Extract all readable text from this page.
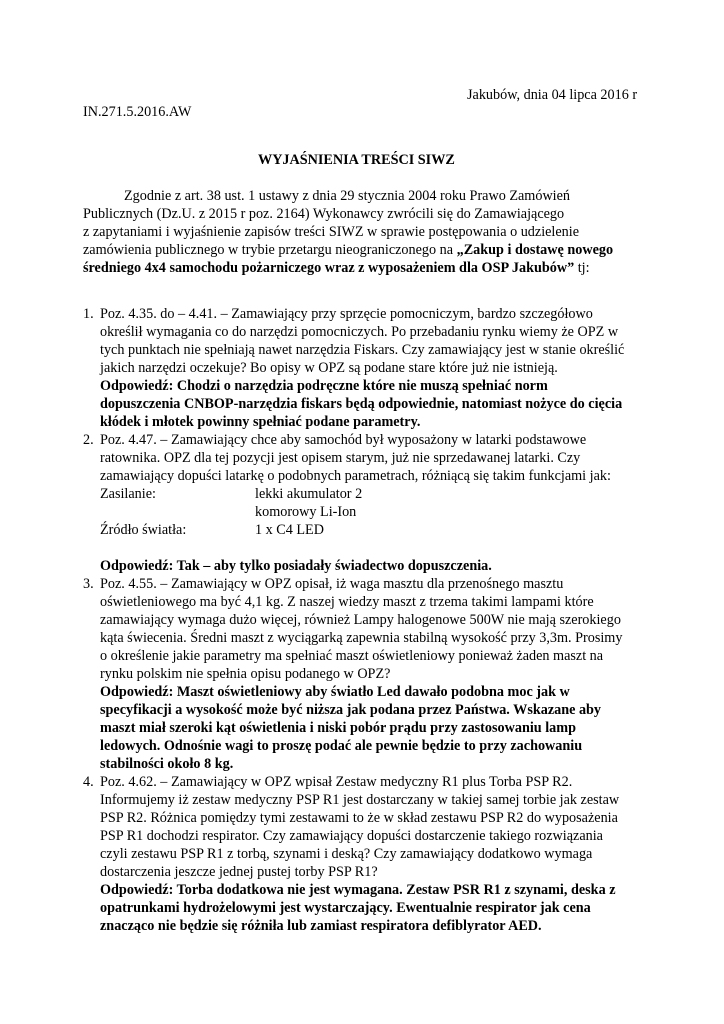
Jakubów, dnia 04 lipca 2016 r
IN.271.5.2016.AW
WYJAŚNIENIA TREŚCI SIWZ
Zgodnie z art. 38 ust. 1 ustawy z dnia 29 stycznia 2004 roku Prawo Zamówień
Publicznych (Dz.U. z 2015 r poz. 2164) Wykonawcy zwrócili się do Zamawiającego
z zapytaniami i wyjaśnienie zapisów treści SIWZ w sprawie postępowania o udzielenie
zamówienia publicznego w trybie przetargu nieograniczonego na „Zakup i dostawę nowego
średniego 4x4 samochodu pożarniczego wraz z wyposażeniem dla OSP Jakubów” tj:
1. Poz. 4.35. do – 4.41. – Zamawiający przy sprzęcie pomocniczym, bardzo szczegółowo
określił wymagania co do narzędzi pomocniczych. Po przebadaniu rynku wiemy że OPZ w
tych punktach nie spełniają nawet narzędzia Fiskars. Czy zamawiający jest w stanie określić
jakich narzędzi oczekuje? Bo opisy w OPZ są podane stare które już nie istnieją.
Odpowiedź: Chodzi o narzędzia podręczne które nie muszą spełniać norm
dopuszczenia CNBOP-narzędzia fiskars będą odpowiednie, natomiast nożyce do cięcia
kłódek i młotek powinny spełniać podane parametry.
2. Poz. 4.47. – Zamawiający chce aby samochód był wyposażony w latarki podstawowe
ratownika. OPZ dla tej pozycji jest opisem starym, już nie sprzedawanej latarki. Czy
zamawiający dopuści latarkę o podobnych parametrach, różniącą się takim funkcjami jak:
Zasilanie:	lekki akumulator 2
komorowy Li-Ion
Źródło światła:	1 x C4 LED
Odpowiedź: Tak – aby tylko posiadały świadectwo dopuszczenia.
3. Poz. 4.55. – Zamawiający w OPZ opisał, iż waga masztu dla przenośnego masztu
oświetleniowego ma być 4,1 kg. Z naszej wiedzy maszt z trzema takimi lampami które
zamawiający wymaga dużo więcej, również Lampy halogenowe 500W nie mają szerokiego
kąta świecenia. Średni maszt z wyciągarką zapewnia stabilną wysokość przy 3,3m. Prosimy
o określenie jakie parametry ma spełniać maszt oświetleniowy ponieważ żaden maszt na
rynku polskim nie spełnia opisu podanego w OPZ?
Odpowiedź: Maszt oświetleniowy aby światło Led dawało podobna moc jak w
specyfikacji a wysokość może być niższa jak podana przez Państwa. Wskazane aby
maszt miał szeroki kąt oświetlenia i niski pobór prądu przy zastosowaniu lamp
ledowych. Odnośnie wagi to proszę podać ale pewnie będzie to przy zachowaniu
stabilności około 8 kg.
4. Poz. 4.62. – Zamawiający w OPZ wpisał Zestaw medyczny R1 plus Torba PSP R2.
Informujemy iż zestaw medyczny PSP R1 jest dostarczany w takiej samej torbie jak zestaw
PSP R2. Różnica pomiędzy tymi zestawami to że w skład zestawu PSP R2 do wyposażenia
PSP R1 dochodzi respirator. Czy zamawiający dopuści dostarczenie takiego rozwiązania
czyli zestawu PSP R1 z torbą, szynami i deską? Czy zamawiający dodatkowo wymaga
dostarczenia jeszcze jednej pustej torby PSP R1?
Odpowiedź: Torba dodatkowa nie jest wymagana. Zestaw PSR R1 z szynami, deska z
opatrunkami hydrożelowymi jest wystarczający. Ewentualnie respirator jak cena
znacząco nie będzie się różniła lub zamiast respiratora defiblyrator AED.
